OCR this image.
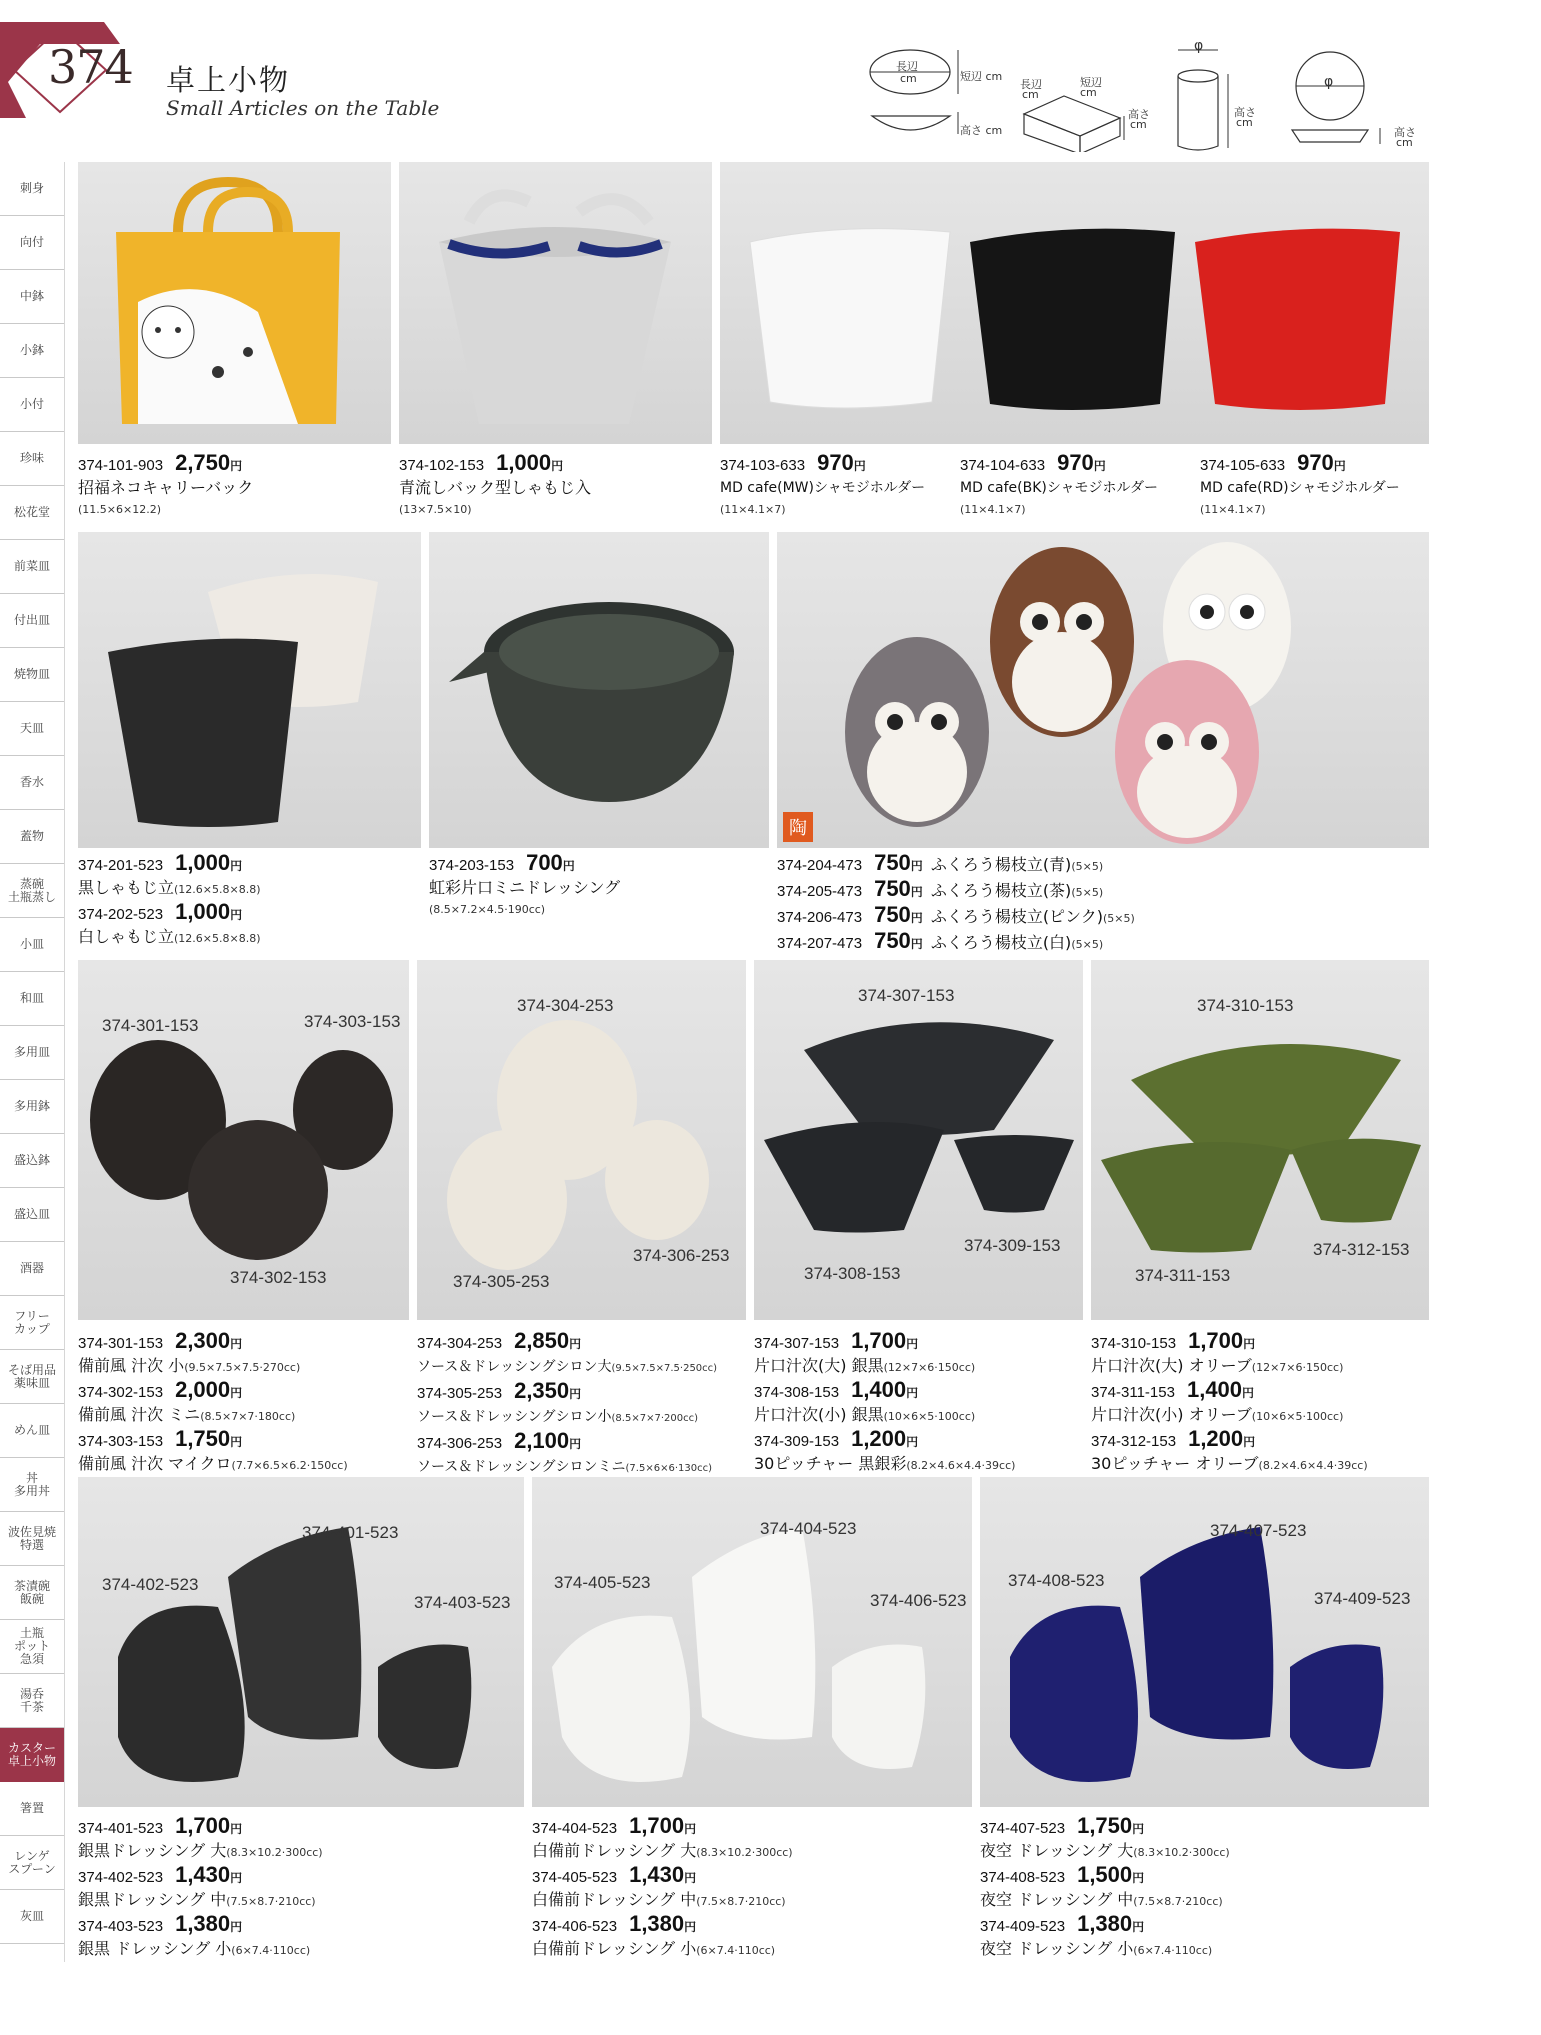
374 卓上小物
Small Articles on the Table
長辺
cm	短辺 cm
高さ cm
長辺
cm
短辺
cm
高さ
cm
φ
高さ
cm
φ
高さ
cm
刺身
向付
中鉢
小鉢
小付
珍味
松花堂
前菜皿
付出皿
焼物皿
天皿
香水
蓋物
蒸碗
土瓶蒸し
小皿
和皿
多用皿
多用鉢
盛込鉢
盛込皿
酒器
フリー
カップ
そば用品
薬味皿
めん皿
丼
多用丼
波佐見焼
特選
茶漬碗
飯碗
土瓶
ポット
急須
湯呑
千茶
カスター
卓上小物
箸置
レンゲ
スプーン
灰皿
374-101-903 2,750円
招福ネコキャリーバック
(11.5×6×12.2)
374-102-153 1,000円
青流しバック型しゃもじ入
(13×7.5×10)
374-103-633 970円
MD cafe(MW)シャモジホルダー
(11×4.1×7)
374-104-633 970円
MD cafe(BK)シャモジホルダー
(11×4.1×7)
374-105-633 970円
MD cafe(RD)シャモジホルダー
(11×4.1×7)
陶
374-201-523 1,000円
黒しゃもじ立(12.6×5.8×8.8)
374-202-523 1,000円
白しゃもじ立(12.6×5.8×8.8)
374-203-153 700円
虹彩片口ミニドレッシング
(8.5×7.2×4.5·190cc)
374-204-473 750円 ふくろう楊枝立(青)(5×5)
374-205-473 750円 ふくろう楊枝立(茶)(5×5)
374-206-473 750円 ふくろう楊枝立(ピンク)(5×5)
374-207-473 750円 ふくろう楊枝立(白)(5×5)
374-301-153	374-303-153
374-302-153
374-304-253
374-305-253
374-306-253
374-307-153
374-308-153
374-309-153
374-310-153
374-311-153
374-312-153
374-301-153 2,300円
備前風 汁次 小(9.5×7.5×7.5·270cc)
374-302-153 2,000円
備前風 汁次 ミニ(8.5×7×7·180cc)
374-303-153 1,750円
備前風 汁次 マイクロ(7.7×6.5×6.2·150cc)
374-304-253 2,850円
ソース＆ドレッシングシロン大(9.5×7.5×7.5·250cc)
374-305-253 2,350円
ソース＆ドレッシングシロン小(8.5×7×7·200cc)
374-306-253 2,100円
ソース＆ドレッシングシロンミニ(7.5×6×6·130cc)
374-307-153 1,700円
片口汁次(大) 銀黒(12×7×6·150cc)
374-308-153 1,400円
片口汁次(小) 銀黒(10×6×5·100cc)
374-309-153 1,200円
30ピッチャー 黒銀彩(8.2×4.6×4.4·39cc)
374-310-153 1,700円
片口汁次(大) オリーブ(12×7×6·150cc)
374-311-153 1,400円
片口汁次(小) オリーブ(10×6×5·100cc)
374-312-153 1,200円
30ピッチャー オリーブ(8.2×4.6×4.4·39cc)
374-401-523
374-402-523
374-403-523
374-404-523
374-405-523
374-406-523
374-407-523
374-408-523
374-409-523
374-401-523 1,700円
銀黒ドレッシング 大(8.3×10.2·300cc)
374-402-523 1,430円
銀黒ドレッシング 中(7.5×8.7·210cc)
374-403-523 1,380円
銀黒 ドレッシング 小(6×7.4·110cc)
374-404-523 1,700円
白備前ドレッシング 大(8.3×10.2·300cc)
374-405-523 1,430円
白備前ドレッシング 中(7.5×8.7·210cc)
374-406-523 1,380円
白備前ドレッシング 小(6×7.4·110cc)
374-407-523 1,750円
夜空 ドレッシング 大(8.3×10.2·300cc)
374-408-523 1,500円
夜空 ドレッシング 中(7.5×8.7·210cc)
374-409-523 1,380円
夜空 ドレッシング 小(6×7.4·110cc)
